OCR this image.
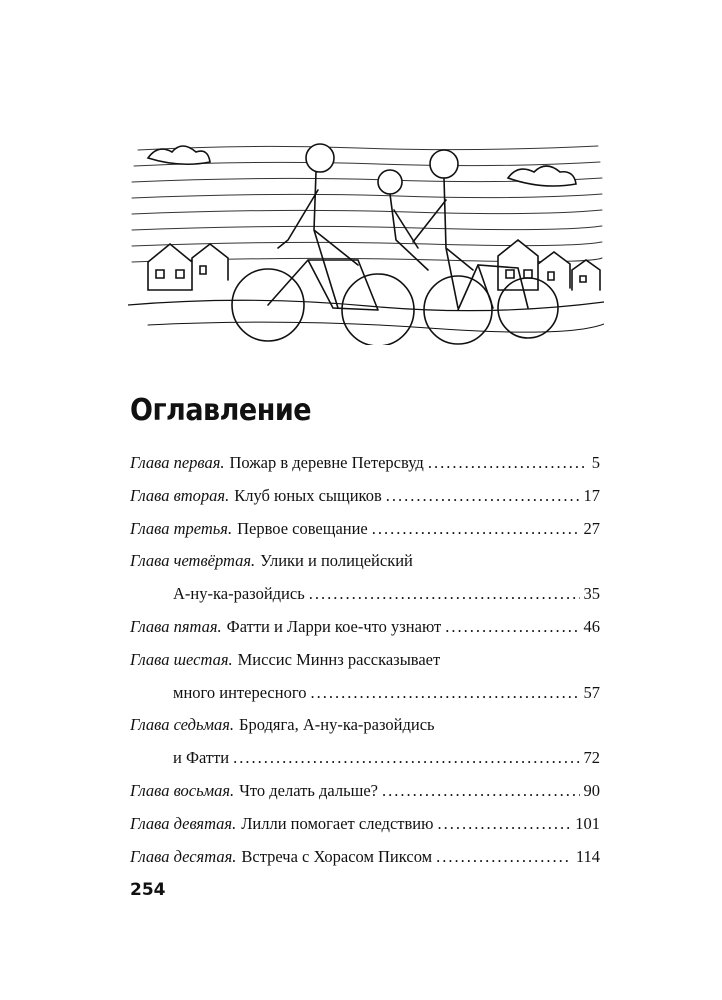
Оглавление
Глава первая. Пожар в деревне Петерсвуд .....	5
Глава вторая. Клуб юных сыщиков .....	17
Глава третья. Первое совещание .....	27
Глава четвёртая. Улики и полицейский
А-ну-ка-разойдись .....	35
Глава пятая. Фатти и Ларри кое-что узнают .....	46
Глава шестая. Миссис Миннз рассказывает
много интересного .....	57
Глава седьмая. Бродяга, А-ну-ка-разойдись
и Фатти .....	72
Глава восьмая. Что делать дальше? .....	90
Глава девятая. Лилли помогает следствию .....	101
Глава десятая. Встреча с Хорасом Пиксом .....	114
254
